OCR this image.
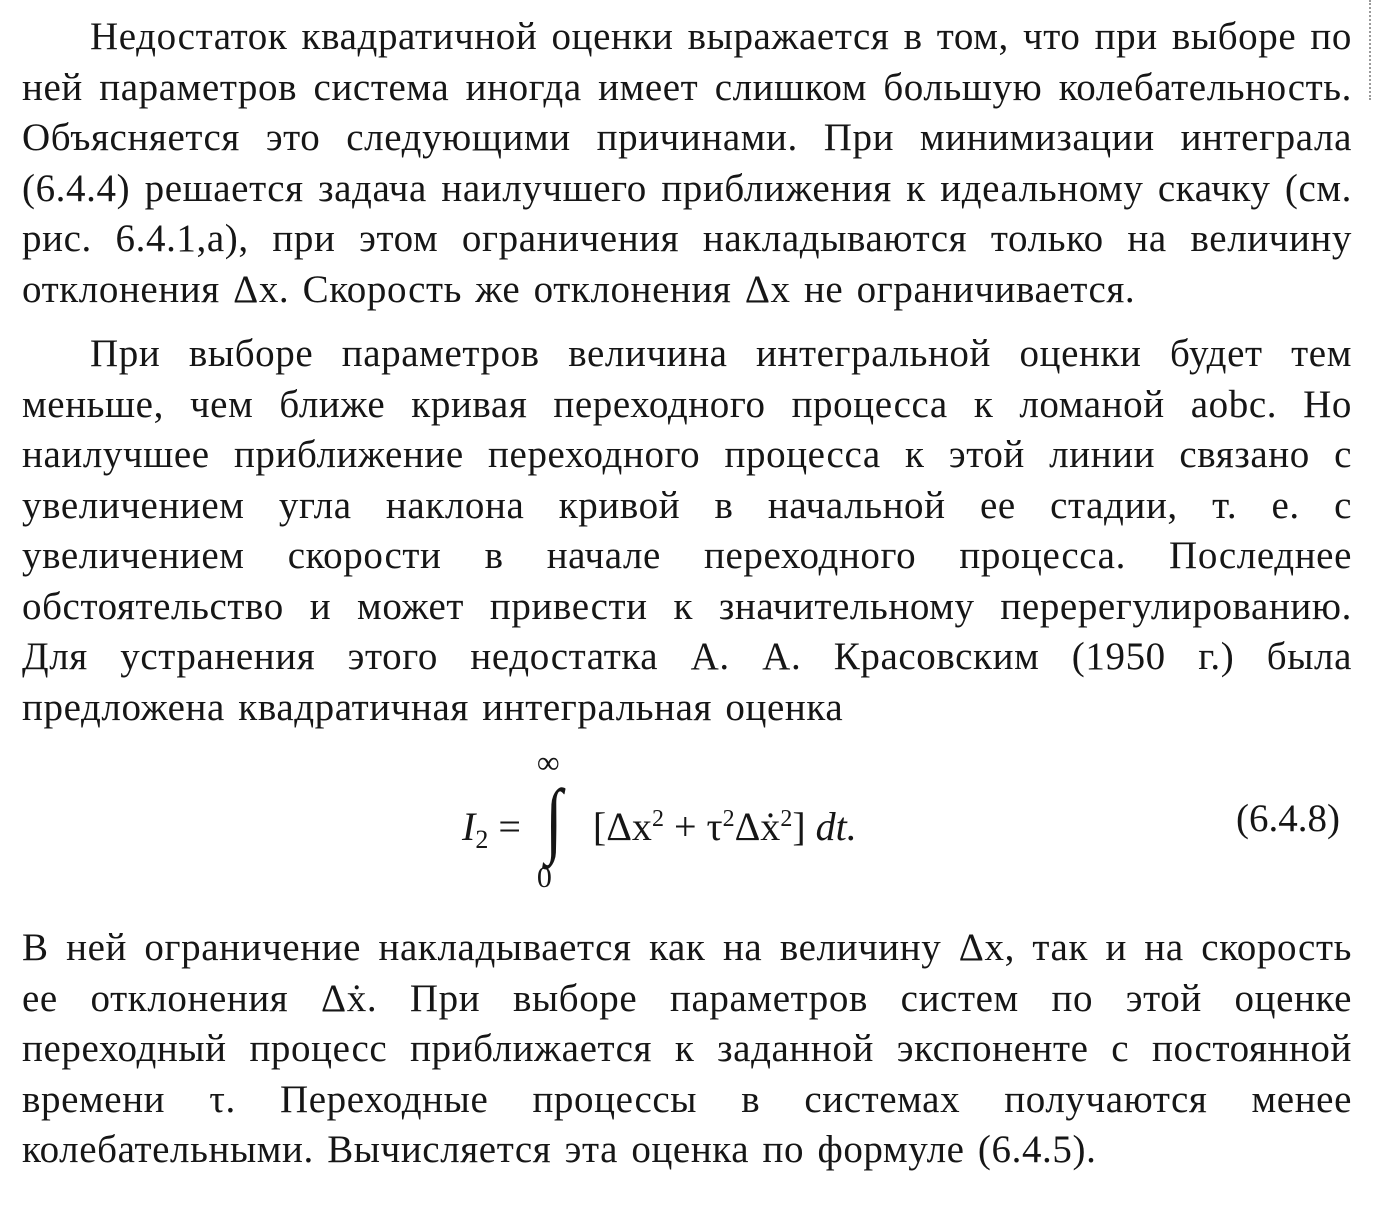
Недостаток квадратичной оценки выражается в том, что при выборе по ней параметров система иногда имеет слишком большую колебательность. Объясняется это следующими причинами. При минимизации интеграла (6.4.4) решается задача наилучшего приближения к идеальному скачку (см. рис. 6.4.1,а), при этом ограничения накладываются только на величину отклонения Δx. Скорость же отклонения Δx не ограничивается.

При выборе параметров величина интегральной оценки будет тем меньше, чем ближе кривая переходного процесса к ломаной aobc. Но наилучшее приближение переходного процесса к этой линии связано с увеличением угла наклона кривой в начальной ее стадии, т. е. с увеличением скорости в начале переходного процесса. Последнее обстоятельство и может привести к значительному перерегулированию. Для устранения этого недостатка А. А. Красовским (1950 г.) была предложена квадратичная интегральная оценка

$I_2$ =
∞
∫
0
[$\Delta x^2$ + $\tau^2\Delta ẋ^2$] dt.	(6.4.8)

В ней ограничение накладывается как на величину Δx, так и на скорость ее отклонения Δẋ. При выборе параметров систем по этой оценке переходный процесс приближается к заданной экспоненте с постоянной времени τ. Переходные процессы в системах получаются менее колебательными. Вычисляется эта оценка по формуле (6.4.5).
